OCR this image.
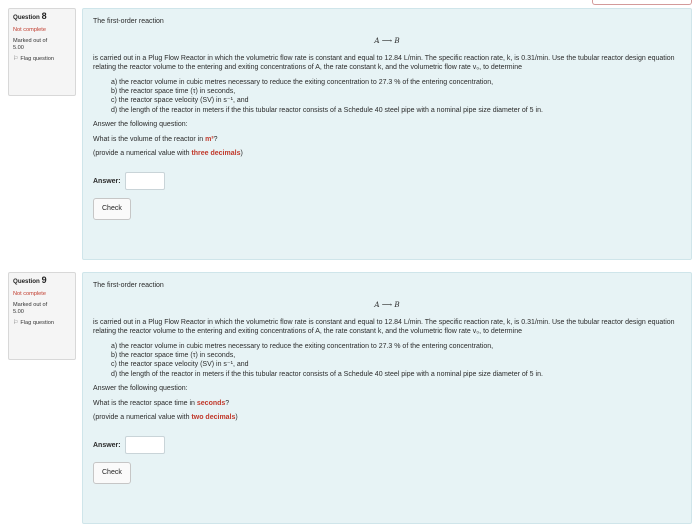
Question 8
Not complete
Marked out of
5.00
⚐ Flag question
The first-order reaction
A ⟶ B
is carried out in a Plug Flow Reactor in which the volumetric flow rate is constant and equal to 12.84 L/min. The specific reaction rate, k, is 0.31/min. Use the tubular reactor design equation relating the reactor volume to the entering and exiting concentrations of A, the rate constant k, and the volumetric flow rate v₀, to determine
a) the reactor volume in cubic metres necessary to reduce the exiting concentration to 27.3 % of the entering concentration,
b) the reactor space time (τ) in seconds,
c) the reactor space velocity (SV) in s⁻¹, and
d) the length of the reactor in meters if the this tubular reactor consists of a Schedule 40 steel pipe with a nominal pipe size diameter of 5 in.
Answer the following question:
What is the volume of the reactor in m³?
(provide a numerical value with three decimals)
Answer:
Check
Question 9
Not complete
Marked out of
5.00
⚐ Flag question
The first-order reaction
A ⟶ B
is carried out in a Plug Flow Reactor in which the volumetric flow rate is constant and equal to 12.84 L/min. The specific reaction rate, k, is 0.31/min. Use the tubular reactor design equation relating the reactor volume to the entering and exiting concentrations of A, the rate constant k, and the volumetric flow rate v₀, to determine
a) the reactor volume in cubic metres necessary to reduce the exiting concentration to 27.3 % of the entering concentration,
b) the reactor space time (τ) in seconds,
c) the reactor space velocity (SV) in s⁻¹, and
d) the length of the reactor in meters if the this tubular reactor consists of a Schedule 40 steel pipe with a nominal pipe size diameter of 5 in.
Answer the following question:
What is the reactor space time in seconds?
(provide a numerical value with two decimals)
Answer:
Check
